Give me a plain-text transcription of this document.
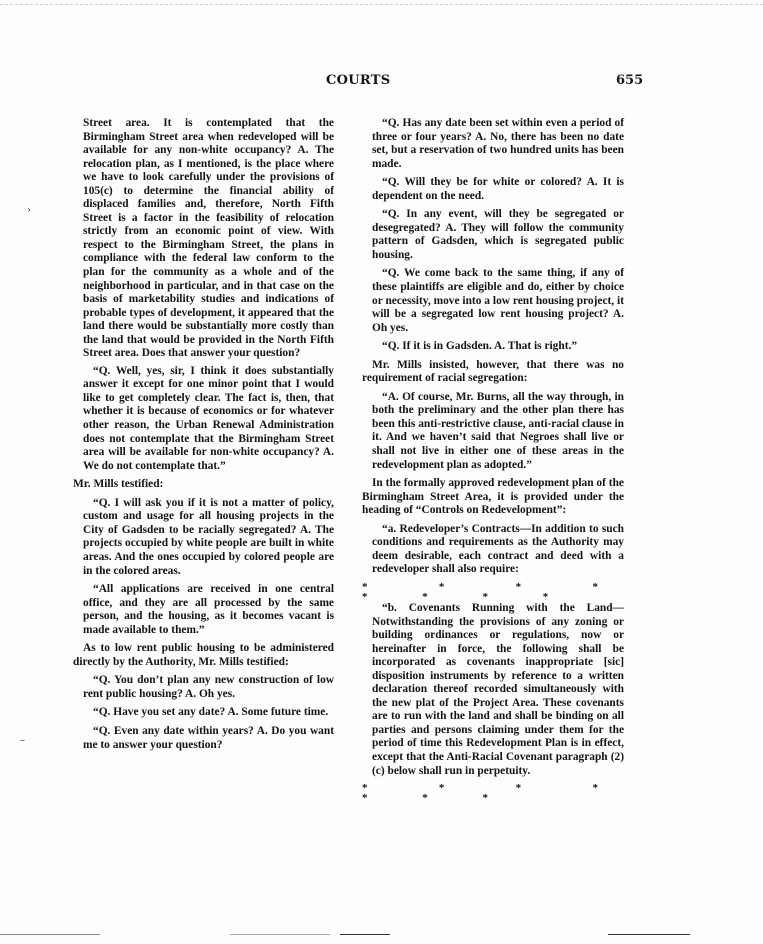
COURTS	655

Street area. It is contemplated that the Birmingham Street area when redeveloped will be available for any non-white occupancy? A. The relocation plan, as I mentioned, is the place where we have to look carefully under the provisions of 105(c) to determine the financial ability of displaced families and, therefore, North Fifth Street is a factor in the feasibility of relocation strictly from an economic point of view. With respect to the Birmingham Street, the plans in compliance with the federal law conform to the plan for the community as a whole and of the neighborhood in particular, and in that case on the basis of marketability studies and indications of probable types of development, it appeared that the land there would be substantially more costly than the land that would be provided in the North Fifth Street area. Does that answer your question?

“Q. Well, yes, sir, I think it does substantially answer it except for one minor point that I would like to get completely clear. The fact is, then, that whether it is because of economics or for whatever other reason, the Urban Renewal Administration does not contemplate that the Birmingham Street area will be available for non-white occupancy? A. We do not contemplate that.”

Mr. Mills testified:

“Q. I will ask you if it is not a matter of policy, custom and usage for all housing projects in the City of Gadsden to be racially segregated? A. The projects occupied by white people are built in white areas. And the ones occupied by colored people are in the colored areas.

“All applications are received in one central office, and they are all processed by the same person, and the housing, as it becomes vacant is made available to them.”

As to low rent public housing to be administered directly by the Authority, Mr. Mills testified:

“Q. You don’t plan any new construction of low rent public housing? A. Oh yes.

“Q. Have you set any date? A. Some future time.

“Q. Even any date within years? A. Do you want me to answer your question?

“Q. Has any date been set within even a period of three or four years? A. No, there has been no date set, but a reservation of two hundred units has been made.

“Q. Will they be for white or colored? A. It is dependent on the need.

“Q. In any event, will they be segregated or desegregated? A. They will follow the community pattern of Gadsden, which is segregated public housing.

“Q. We come back to the same thing, if any of these plaintiffs are eligible and do, either by choice or necessity, move into a low rent housing project, it will be a segregated low rent housing project? A. Oh yes.

“Q. If it is in Gadsden. A. That is right.”

Mr. Mills insisted, however, that there was no requirement of racial segregation:

“A. Of course, Mr. Burns, all the way through, in both the preliminary and the other plan there has been this anti-restrictive clause, anti-racial clause in it. And we haven’t said that Negroes shall live or shall not live in either one of these areas in the redevelopment plan as adopted.”

In the formally approved redevelopment plan of the Birmingham Street Area, it is provided under the heading of “Controls on Redevelopment”:

“a. Redeveloper’s Contracts—In addition to such conditions and requirements as the Authority may deem desirable, each contract and deed with a redeveloper shall also require:

* * * * * * * *

“b. Covenants Running with the Land—Notwithstanding the provisions of any zoning or building ordinances or regulations, now or hereinafter in force, the following shall be incorporated as covenants inappropriate [sic] disposition instruments by reference to a written declaration thereof recorded simultaneously with the new plat of the Project Area. These covenants are to run with the land and shall be binding on all parties and persons claiming under them for the period of time this Redevelopment Plan is in effect, except that the Anti-Racial Covenant paragraph (2) (c) below shall run in perpetuity.

* * * * * * *

›
–
